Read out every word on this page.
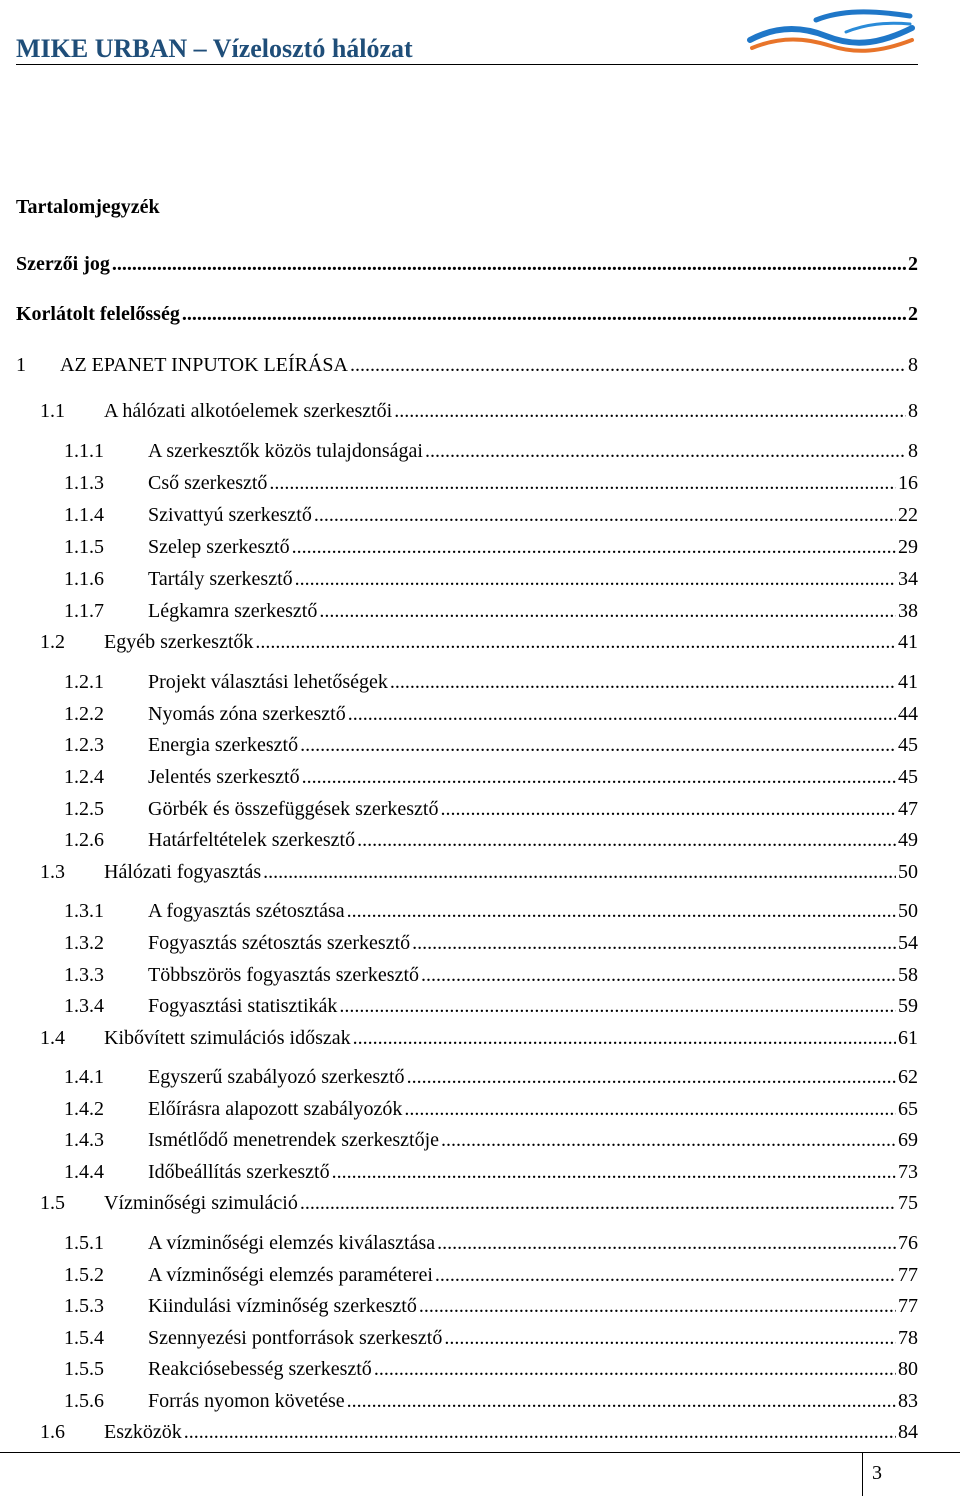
MIKE URBAN – Vízelosztó hálózat
Tartalomjegyzék
Szerzői jog .....	2
Korlátolt felelősség .....	2
1 AZ EPANET INPUTOK LEÍRÁSA .....	8
1.1 A hálózati alkotóelemek szerkesztői .....	8
1.1.1 A szerkesztők közös tulajdonságai .....	8
1.1.3 Cső szerkesztő .....	16
1.1.4 Szivattyú szerkesztő .....	22
1.1.5 Szelep szerkesztő .....	29
1.1.6 Tartály szerkesztő .....	34
1.1.7 Légkamra szerkesztő .....	38
1.2 Egyéb szerkesztők .....	41
1.2.1 Projekt választási lehetőségek .....	41
1.2.2 Nyomás zóna szerkesztő .....	44
1.2.3 Energia szerkesztő .....	45
1.2.4 Jelentés szerkesztő .....	45
1.2.5 Görbék és összefüggések szerkesztő .....	47
1.2.6 Határfeltételek szerkesztő .....	49
1.3 Hálózati fogyasztás .....	50
1.3.1 A fogyasztás szétosztása .....	50
1.3.2 Fogyasztás szétosztás szerkesztő .....	54
1.3.3 Többszörös fogyasztás szerkesztő .....	58
1.3.4 Fogyasztási statisztikák .....	59
1.4 Kibővített szimulációs időszak .....	61
1.4.1 Egyszerű szabályozó szerkesztő .....	62
1.4.2 Előírásra alapozott szabályozók .....	65
1.4.3 Ismétlődő menetrendek szerkesztője .....	69
1.4.4 Időbeállítás szerkesztő .....	73
1.5 Vízminőségi szimuláció .....	75
1.5.1 A vízminőségi elemzés kiválasztása .....	76
1.5.2 A vízminőségi elemzés paraméterei .....	77
1.5.3 Kiindulási vízminőség szerkesztő .....	77
1.5.4 Szennyezési pontforrások szerkesztő .....	78
1.5.5 Reakciósebesség szerkesztő .....	80
1.5.6 Forrás nyomon követése .....	83
1.6 Eszközök .....	84
3
